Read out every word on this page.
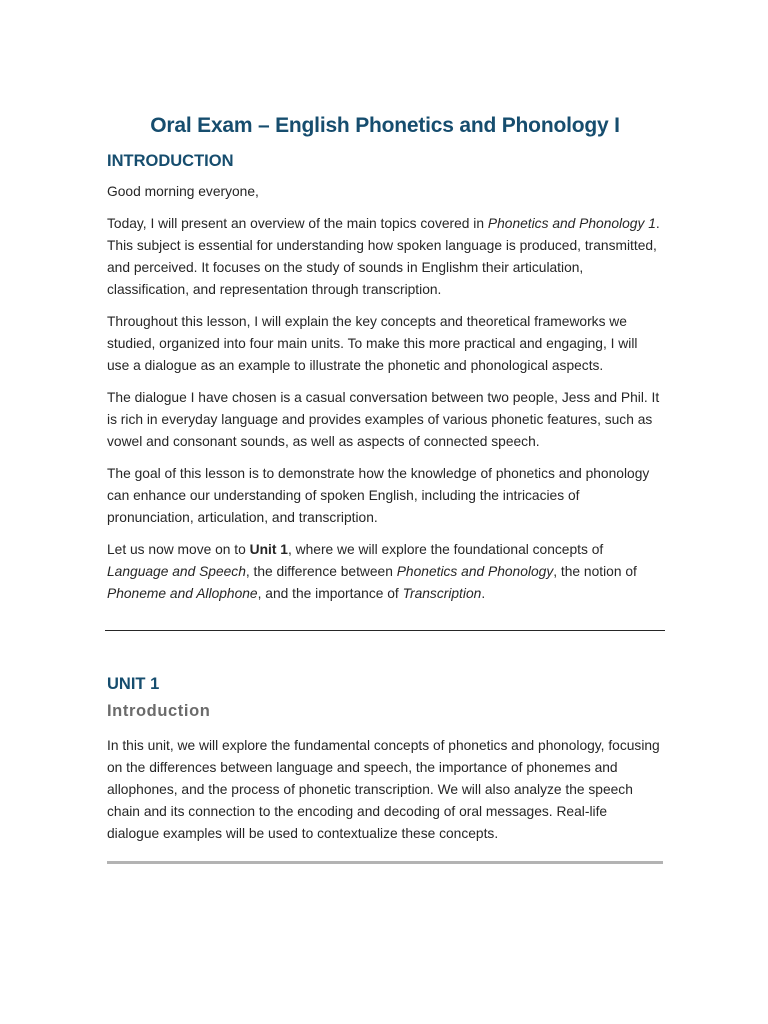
Oral Exam – English Phonetics and Phonology I
INTRODUCTION

Good morning everyone,

Today, I will present an overview of the main topics covered in Phonetics and Phonology 1. This subject is essential for understanding how spoken language is produced, transmitted, and perceived. It focuses on the study of sounds in Englishm their articulation, classification, and representation through transcription.

Throughout this lesson, I will explain the key concepts and theoretical frameworks we studied, organized into four main units. To make this more practical and engaging, I will use a dialogue as an example to illustrate the phonetic and phonological aspects.

The dialogue I have chosen is a casual conversation between two people, Jess and Phil. It is rich in everyday language and provides examples of various phonetic features, such as vowel and consonant sounds, as well as aspects of connected speech.

The goal of this lesson is to demonstrate how the knowledge of phonetics and phonology can enhance our understanding of spoken English, including the intricacies of pronunciation, articulation, and transcription.

Let us now move on to Unit 1, where we will explore the foundational concepts of Language and Speech, the difference between Phonetics and Phonology, the notion of Phoneme and Allophone, and the importance of Transcription.

UNIT 1
Introduction

In this unit, we will explore the fundamental concepts of phonetics and phonology, focusing on the differences between language and speech, the importance of phonemes and allophones, and the process of phonetic transcription. We will also analyze the speech chain and its connection to the encoding and decoding of oral messages. Real-life dialogue examples will be used to contextualize these concepts.
